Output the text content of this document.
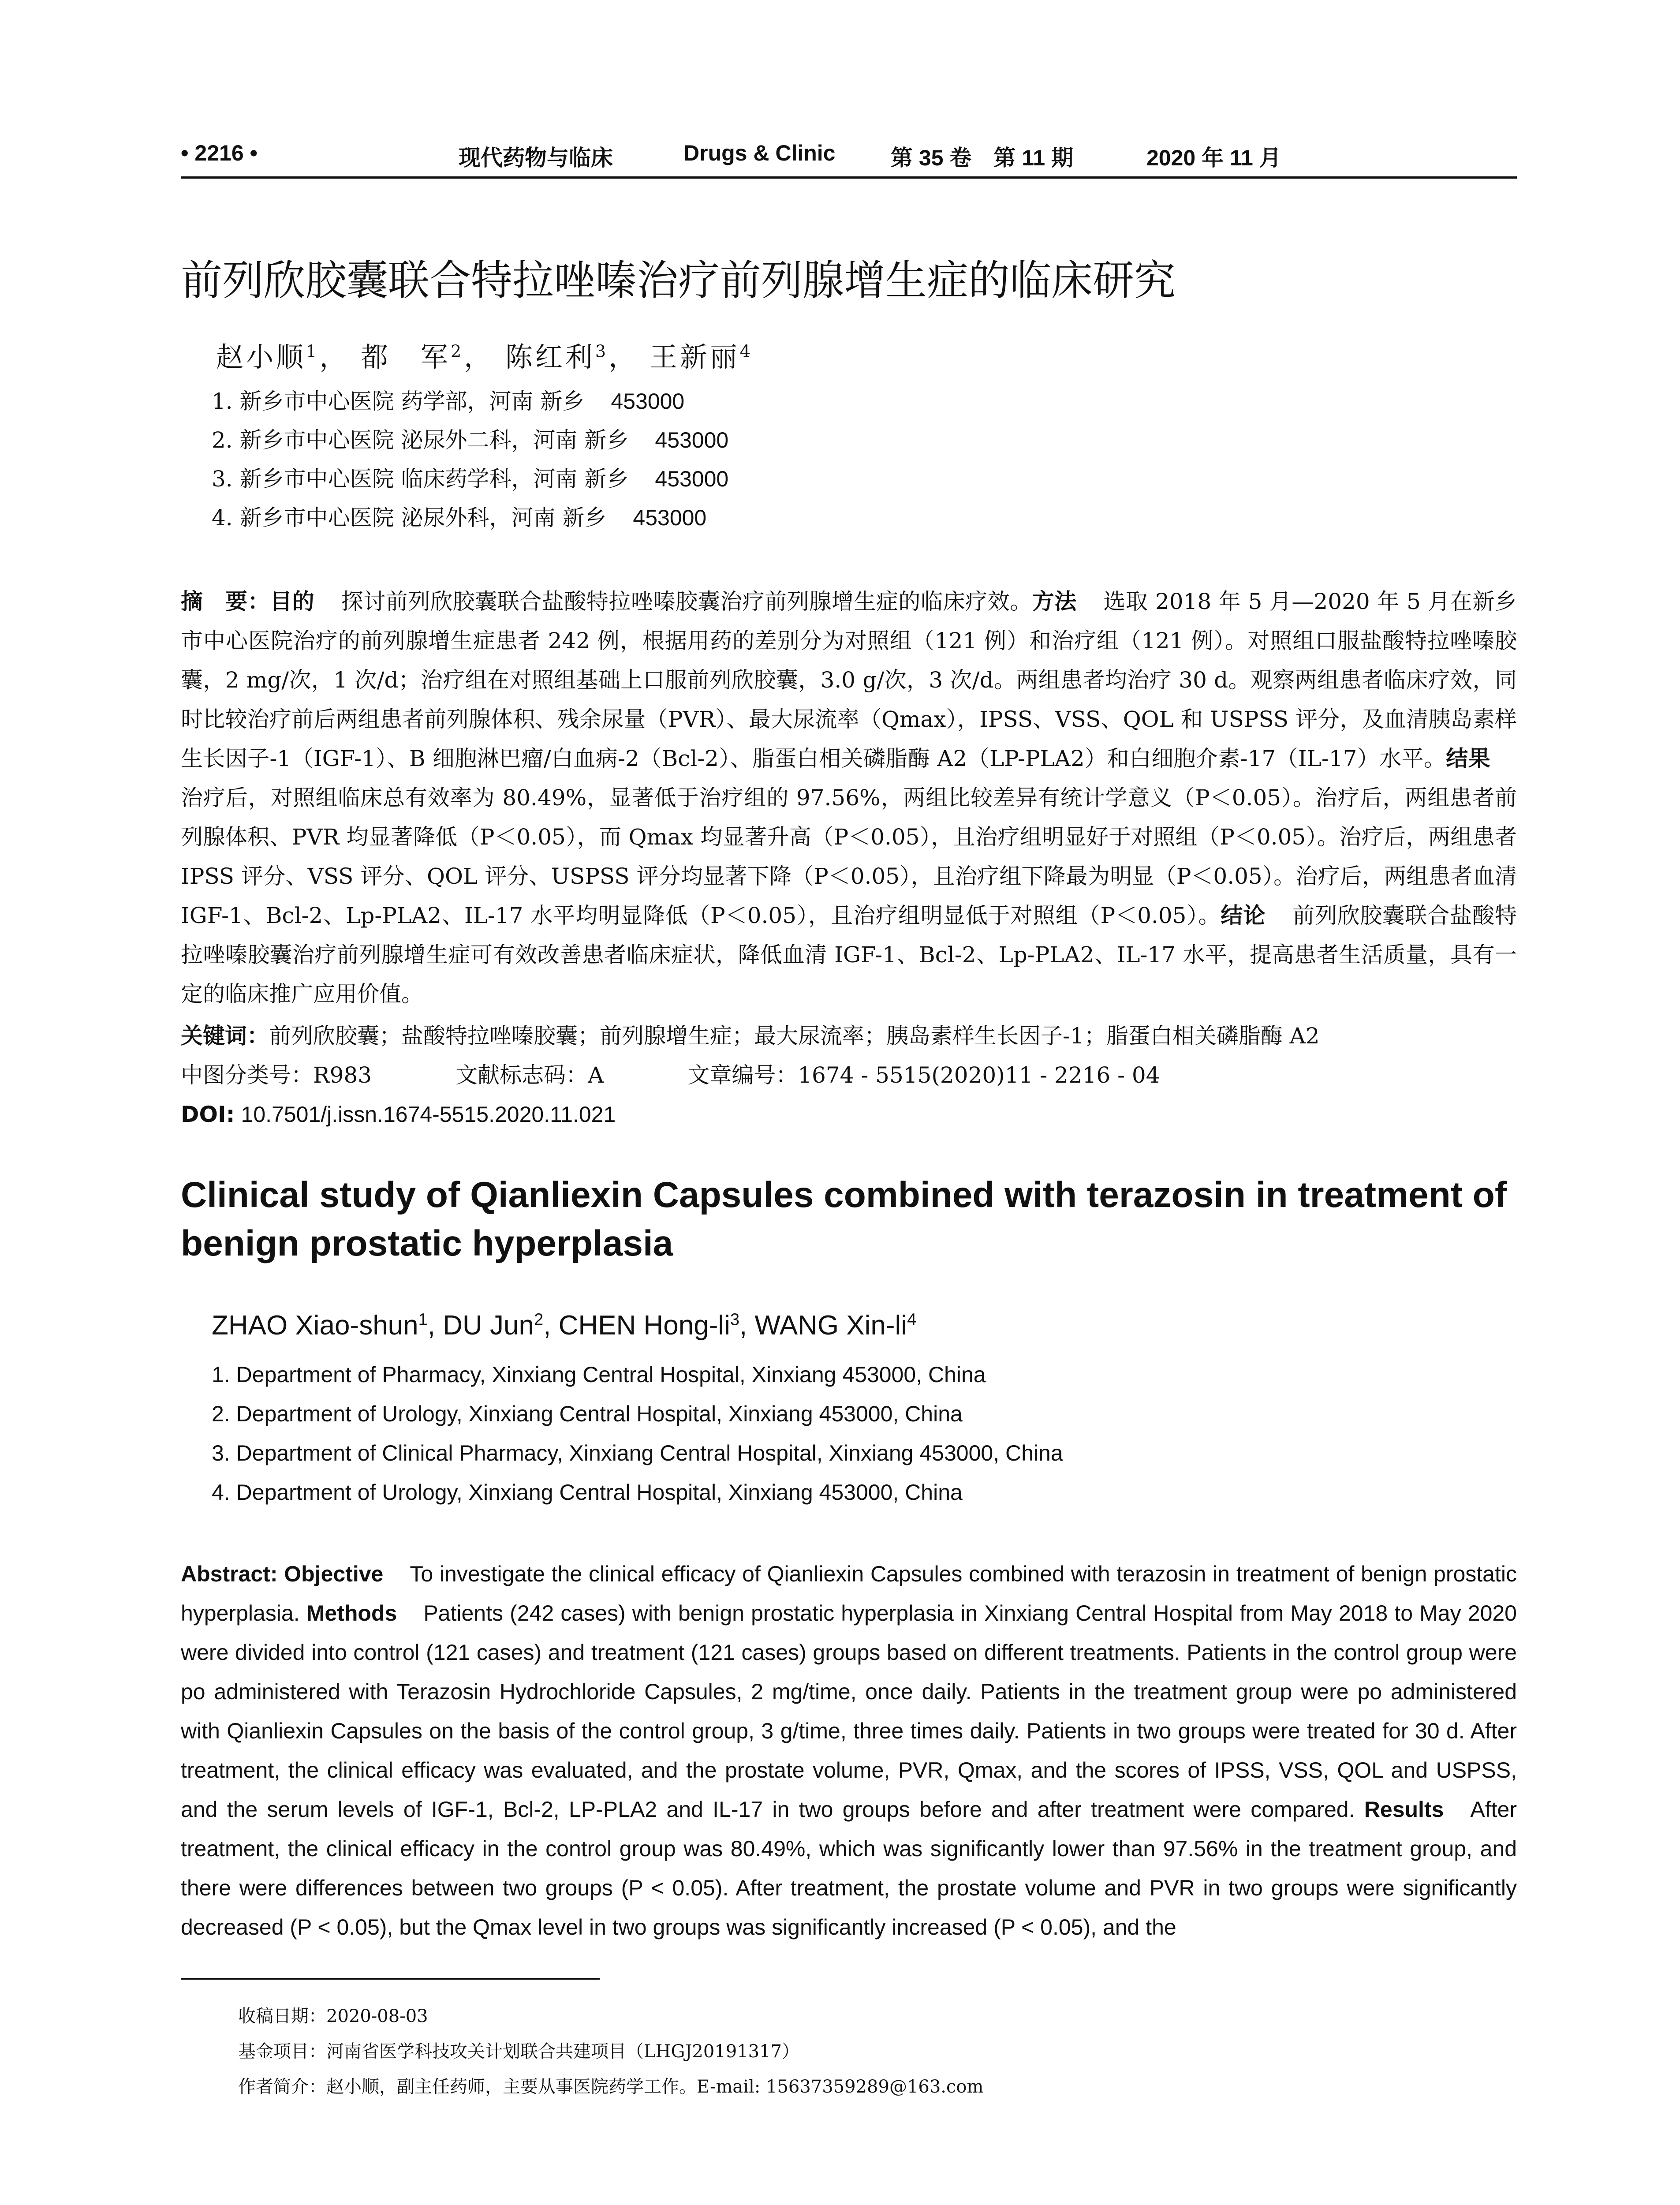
• 2216 •	现代药物与临床	Drugs & Clinic	第 35 卷　第 11 期	2020 年 11 月
前列欣胶囊联合特拉唑嗪治疗前列腺增生症的临床研究
赵小顺$^1$， 都　军$^2$， 陈红利$^3$， 王新丽$^4$
1. 新乡市中心医院 药学部，河南 新乡 453000
2. 新乡市中心医院 泌尿外二科，河南 新乡 453000
3. 新乡市中心医院 临床药学科，河南 新乡 453000
4. 新乡市中心医院 泌尿外科，河南 新乡 453000
摘　要：目的 探讨前列欣胶囊联合盐酸特拉唑嗪胶囊治疗前列腺增生症的临床疗效。方法 选取 2018 年 5 月—2020 年 5 月在新乡市中心医院治疗的前列腺增生症患者 242 例，根据用药的差别分为对照组（121 例）和治疗组（121 例）。对照组口服盐酸特拉唑嗪胶囊，2 mg/次，1 次/d；治疗组在对照组基础上口服前列欣胶囊，3.0 g/次，3 次/d。两组患者均治疗 30 d。观察两组患者临床疗效，同时比较治疗前后两组患者前列腺体积、残余尿量（PVR）、最大尿流率（Qmax），IPSS、VSS、QOL 和 USPSS 评分，及血清胰岛素样生长因子-1（IGF-1）、B 细胞淋巴瘤/白血病-2（Bcl-2）、脂蛋白相关磷脂酶 A2（LP-PLA2）和白细胞介素-17（IL-17）水平。结果治疗后，对照组临床总有效率为 80.49%，显著低于治疗组的 97.56%，两组比较差异有统计学意义（P＜0.05）。治疗后，两组患者前列腺体积、PVR 均显著降低（P＜0.05），而 Qmax 均显著升高（P＜0.05），且治疗组明显好于对照组（P＜0.05）。治疗后，两组患者 IPSS 评分、VSS 评分、QOL 评分、USPSS 评分均显著下降（P＜0.05），且治疗组下降最为明显（P＜0.05）。治疗后，两组患者血清 IGF-1、Bcl-2、Lp-PLA2、IL-17 水平均明显降低（P＜0.05），且治疗组明显低于对照组（P＜0.05）。结论 前列欣胶囊联合盐酸特拉唑嗪胶囊治疗前列腺增生症可有效改善患者临床症状，降低血清 IGF-1、Bcl-2、Lp-PLA2、IL-17 水平，提高患者生活质量，具有一定的临床推广应用价值。
关键词：前列欣胶囊；盐酸特拉唑嗪胶囊；前列腺增生症；最大尿流率；胰岛素样生长因子-1；脂蛋白相关磷脂酶 A2
中图分类号：R983	文献标志码：A	文章编号：1674 - 5515(2020)11 - 2216 - 04
DOI: 10.7501/j.issn.1674-5515.2020.11.021
Clinical study of Qianliexin Capsules combined with terazosin in treatment of benign prostatic hyperplasia
ZHAO Xiao-shun$^1$, DU Jun$^2$, CHEN Hong-$li^3$, WANG Xin-$li^4$
1. Department of Pharmacy, Xinxiang Central Hospital, Xinxiang 453000, China
2. Department of Urology, Xinxiang Central Hospital, Xinxiang 453000, China
3. Department of Clinical Pharmacy, Xinxiang Central Hospital, Xinxiang 453000, China
4. Department of Urology, Xinxiang Central Hospital, Xinxiang 453000, China
Abstract: Objective To investigate the clinical efficacy of Qianliexin Capsules combined with terazosin in treatment of benign prostatic hyperplasia. Methods Patients (242 cases) with benign prostatic hyperplasia in Xinxiang Central Hospital from May 2018 to May 2020 were divided into control (121 cases) and treatment (121 cases) groups based on different treatments. Patients in the control group were po administered with Terazosin Hydrochloride Capsules, 2 mg/time, once daily. Patients in the treatment group were po administered with Qianliexin Capsules on the basis of the control group, 3 g/time, three times daily. Patients in two groups were treated for 30 d. After treatment, the clinical efficacy was evaluated, and the prostate volume, PVR, Qmax, and the scores of IPSS, VSS, QOL and USPSS, and the serum levels of IGF-1, Bcl-2, LP-PLA2 and IL-17 in two groups before and after treatment were compared. Results After treatment, the clinical efficacy in the control group was 80.49%, which was significantly lower than 97.56% in the treatment group, and there were differences between two groups (P < 0.05). After treatment, the prostate volume and PVR in two groups were significantly decreased (P < 0.05), but the Qmax level in two groups was significantly increased (P < 0.05), and the
收稿日期：2020-08-03
基金项目：河南省医学科技攻关计划联合共建项目（LHGJ20191317）
作者简介：赵小顺，副主任药师，主要从事医院药学工作。E-mail: 15637359289@163.com
